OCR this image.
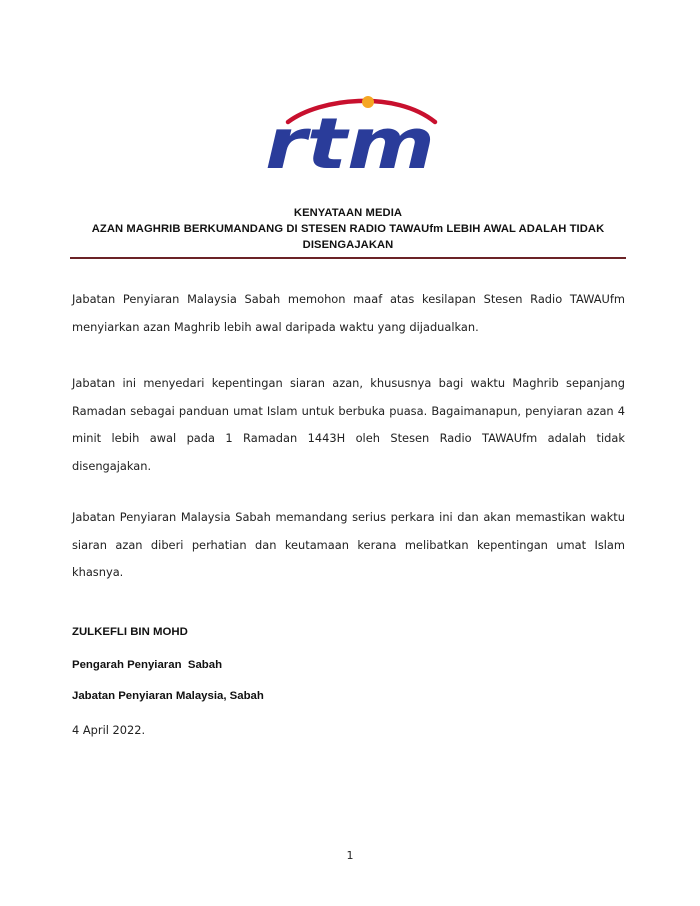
rtm
KENYATAAN MEDIA
AZAN MAGHRIB BERKUMANDANG DI STESEN RADIO TAWAUfm LEBIH AWAL ADALAH TIDAK
DISENGAJAKAN
Jabatan Penyiaran Malaysia Sabah memohon maaf atas kesilapan Stesen Radio TAWAUfm menyiarkan azan Maghrib lebih awal daripada waktu yang dijadualkan.
Jabatan ini menyedari kepentingan siaran azan, khususnya bagi waktu Maghrib sepanjang Ramadan sebagai panduan umat Islam untuk berbuka puasa. Bagaimanapun, penyiaran azan 4 minit lebih awal pada 1 Ramadan 1443H oleh Stesen Radio TAWAUfm adalah tidak disengajakan.
Jabatan Penyiaran Malaysia Sabah memandang serius perkara ini dan akan memastikan waktu siaran azan diberi perhatian dan keutamaan kerana melibatkan kepentingan umat Islam khasnya.
ZULKEFLI BIN MOHD
Pengarah Penyiaran  Sabah
Jabatan Penyiaran Malaysia, Sabah
4 April 2022.
1
